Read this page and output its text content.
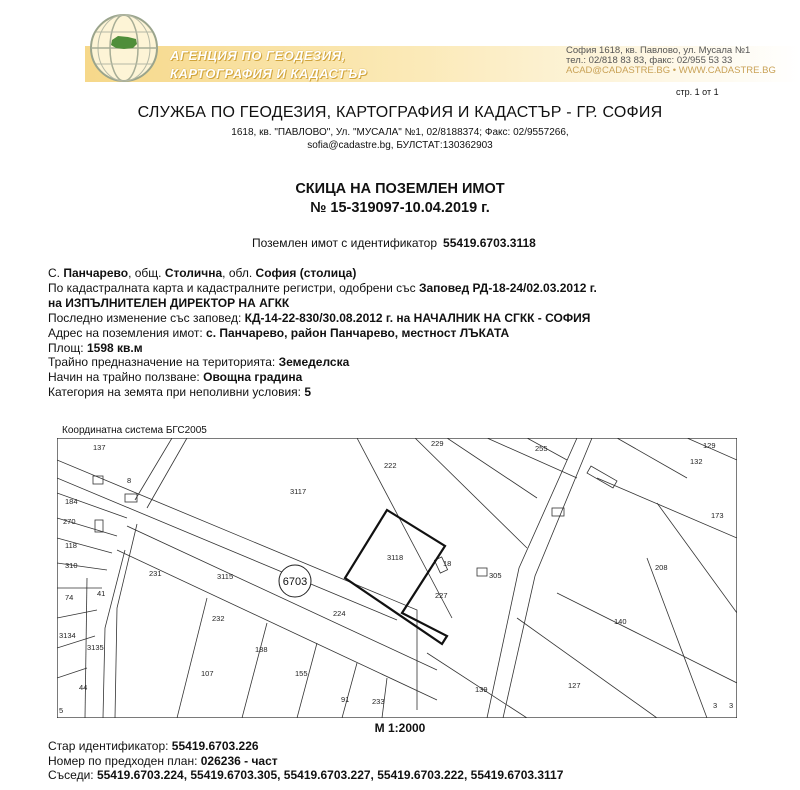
АГЕНЦИЯ ПО ГЕОДЕЗИЯ,
КАРТОГРАФИЯ И КАДАСТЪР
София 1618, кв. Павлово, ул. Мусала №1
тел.: 02/818 83 83, факс: 02/955 53 33
ACAD@CADASTRE.BG • WWW.CADASTRE.BG
стр. 1 от 1
СЛУЖБА ПО ГЕОДЕЗИЯ, КАРТОГРАФИЯ И КАДАСТЪР - ГР. СОФИЯ
1618, кв. "ПАВЛОВО", Ул. "МУСАЛА" №1, 02/8188374; Факс: 02/9557266,
sofia@cadastre.bg, БУЛСТАТ:130362903
СКИЦА НА ПОЗЕМЛЕН ИМОТ
№ 15-319097-10.04.2019 г.
Поземлен имот с идентификатор 55419.6703.3118
С. Панчарево, общ. Столична, обл. София (столица)
По кадастралната карта и кадастралните регистри, одобрени със Заповед РД-18-24/02.03.2012 г.
на ИЗПЪЛНИТЕЛЕН ДИРЕКТОР НА АГКК
Последно изменение със заповед: КД-14-22-830/30.08.2012 г. на НАЧАЛНИК НА СГКК - СОФИЯ
Адрес на поземления имот: с. Панчарево, район Панчарево, местност ЛЪКАТА
Площ: 1598 кв.м
Трайно предназначение на територията: Земеделска
Начин на трайно ползване: Овощна градина
Категория на земята при неполивни условия: 5
Координатна система БГС2005
137
8
184
270
118
310
74	41
3134
3135
44
5
3117
222
229
255	129
132
173
3118
18
305
208
227
140
231	3115
232
224
188
107	155
91	233
139	127
3 3
6703
М 1:2000
Стар идентификатор: 55419.6703.226
Номер по предходен план: 026236 - част
Съседи: 55419.6703.224, 55419.6703.305, 55419.6703.227, 55419.6703.222, 55419.6703.3117
